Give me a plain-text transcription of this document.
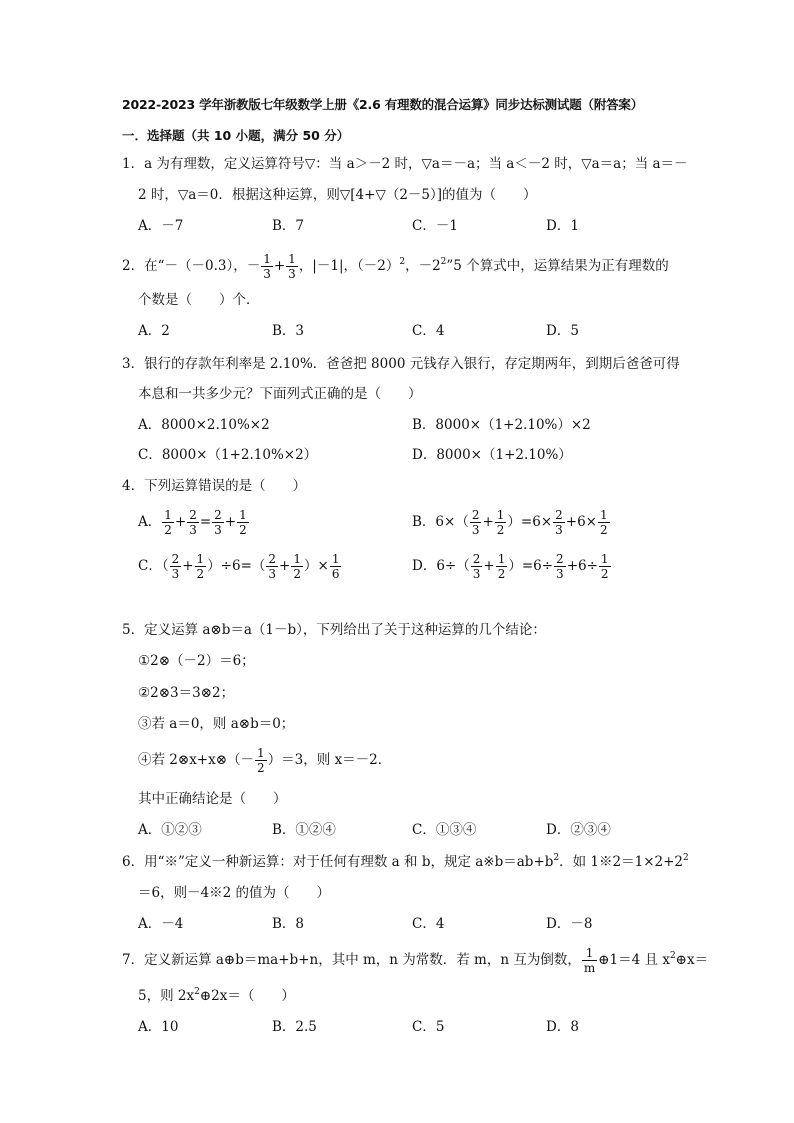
2022-2023 学年浙教版七年级数学上册《2.6 有理数的混合运算》同步达标测试题（附答案）
一．选择题（共 10 小题，满分 50 分）
1．a 为有理数，定义运算符号▽：当 a＞－2 时，▽a＝－a；当 a＜－2 时，▽a＝a；当 a＝－
2 时，▽a＝0．根据这种运算，则▽[4+▽（2－5）]的值为（　　）
A．－7	B．7	C．－1	D．1
2．在“－（－0.3），－ $\frac{1}{3} + \frac{1}{3}$ ，|－1|，$(-2)^2$，$-2^2”5$ 个算式中，运算结果为正有理数的
个数是（　　）个．
A．2	B．3	C．4	D．5
3．银行的存款年利率是 2.10%．爸爸把 8000 元钱存入银行，存定期两年，到期后爸爸可得
本息和一共多少元？下面列式正确的是（　　）
A．8000×2.10%×2	B．8000×（1+2.10%）×2
C．8000×（1+2.10%×2）	D．8000×（1+2.10%）
4．下列运算错误的是（　　）
A． $\frac{1}{2} + \frac{2}{3} = \frac{2}{3} + \frac{1}{2}$	B．$6\times( \frac{2}{3} + \frac{1}{2} )=6\times \frac{2}{3} +6\times \frac{1}{2}$
C．（ $\frac{2}{3} + \frac{1}{2} )\div 6=( \frac{2}{3} + \frac{1}{2}$ ）× $\frac{1}{6}$	D．$6\div( \frac{2}{3} + \frac{1}{2} )=6\div \frac{2}{3} +6\div \frac{1}{2}$
5．定义运算 a⊗b＝a（1－b），下列给出了关于这种运算的几个结论：
①2⊗（－2）＝6；
②2⊗3＝3⊗2；
③若 a＝0，则 a⊗b＝0；
④若 2⊗x+x⊗（－ $\frac{1}{2} )=3$，则 x＝－2．
其中正确结论是（　　）
A．①②③	B．①②④	C．①③④	D．②③④
6．用“※”定义一种新运算：对于任何有理数 a 和 b，规定 $a※b=ab+b^2$．如 $1※2=1\times 2+2^2$
＝6，则－4※2 的值为（　　）
A．－4	B．8	C．4	D．－8
7．定义新运算 a⊕b＝ma+b+n，其中 m，n 为常数．若 m，n 互为倒数， $\frac{1}{m}$ ⊕1＝4 且 $x^2\oplus x=$
5，则 $2x^2\oplus 2x=$（　　）
A．10	B．2.5	C．5	D．8
